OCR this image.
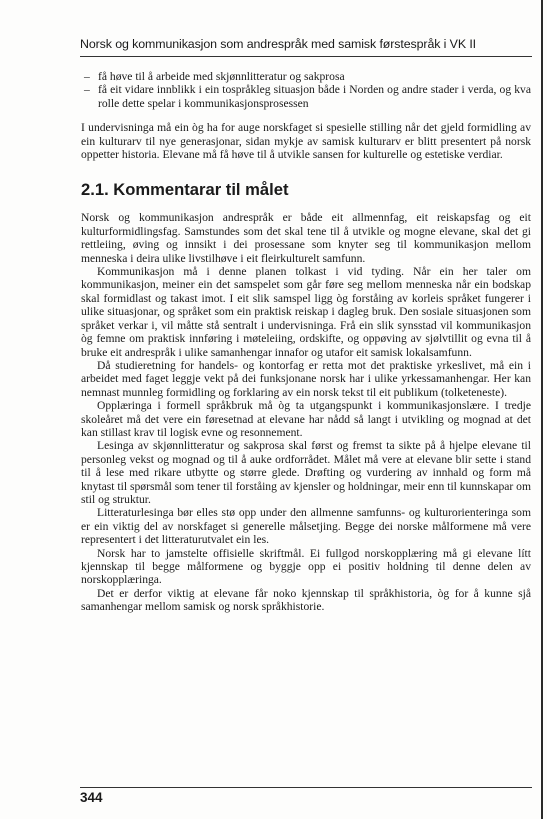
Norsk og kommunikasjon som andrespråk med samisk førstespråk i VK II
– få høve til å arbeide med skjønnlitteratur og sakprosa
– få eit vidare innblikk i ein tospråkleg situasjon både i Norden og andre stader i verda, og kva rolle dette spelar i kommunikasjonsprosessen

I undervisninga må ein òg ha for auge norskfaget si spesielle stilling når det gjeld formidling av ein kulturarv til nye generasjonar, sidan mykje av samisk kulturarv er blitt presentert på norsk oppetter historia. Elevane må få høve til å utvikle sansen for kulturelle og estetiske verdiar.

2.1. Kommentarar til målet

Norsk og kommunikasjon andrespråk er både eit allmennfag, eit reiskapsfag og eit kulturformidlingsfag. Samstundes som det skal tene til å utvikle og mogne elevane, skal det gi rettleiing, øving og innsikt i dei prosessane som knyter seg til kommunikasjon mellom menneska i deira ulike livstilhøve i eit fleirkulturelt samfunn.

Kommunikasjon må i denne planen tolkast i vid tyding. Når ein her taler om kommunikasjon, meiner ein det samspelet som går føre seg mellom menneska når ein bodskap skal formidlast og takast imot. I eit slik samspel ligg òg forståing av korleis språket fungerer i ulike situasjonar, og språket som ein praktisk reiskap i dagleg bruk. Den sosiale situasjonen som språket verkar i, vil måtte stå sentralt i undervisninga. Frå ein slik synsstad vil kommunikasjon òg femne om praktisk innføring i møteleiing, ordskifte, og oppøving av sjølvtillit og evna til å bruke eit andrespråk i ulike samanhengar innafor og utafor eit samisk lokalsamfunn.

Då studieretning for handels- og kontorfag er retta mot det praktiske yrkeslivet, må ein i arbeidet med faget leggje vekt på dei funksjonane norsk har i ulike yrkessamanhengar. Her kan nemnast munnleg formidling og forklaring av ein norsk tekst til eit publikum (tolketeneste).

Opplæringa i formell språkbruk må òg ta utgangspunkt i kommunikasjonslære. I tredje skoleåret må det vere ein føresetnad at elevane har nådd så langt i utvikling og mognad at det kan stillast krav til logisk evne og resonnement.

Lesinga av skjønnlitteratur og sakprosa skal først og fremst ta sikte på å hjelpe elevane til personleg vekst og mognad og til å auke ordforrådet. Målet må vere at elevane blir sette i stand til å lese med rikare utbytte og større glede. Drøfting og vurdering av innhald og form må knytast til spørsmål som tener til forståing av kjensler og holdningar, meir enn til kunnskapar om stil og struktur.

Litteraturlesinga bør elles stø opp under den allmenne samfunns- og kulturorienteringa som er ein viktig del av norskfaget si generelle målsetjing. Begge dei norske målformene må vere representert i det litteraturutvalet ein les.

Norsk har to jamstelte offisielle skriftmål. Ei fullgod norskopplæring må gi elevane lítt kjennskap til begge målformene og byggje opp ei positiv holdning til denne delen av norskopplæringa.

Det er derfor viktig at elevane får noko kjennskap til språkhistoria, òg for å kunne sjå samanhengar mellom samisk og norsk språkhistorie.

344
